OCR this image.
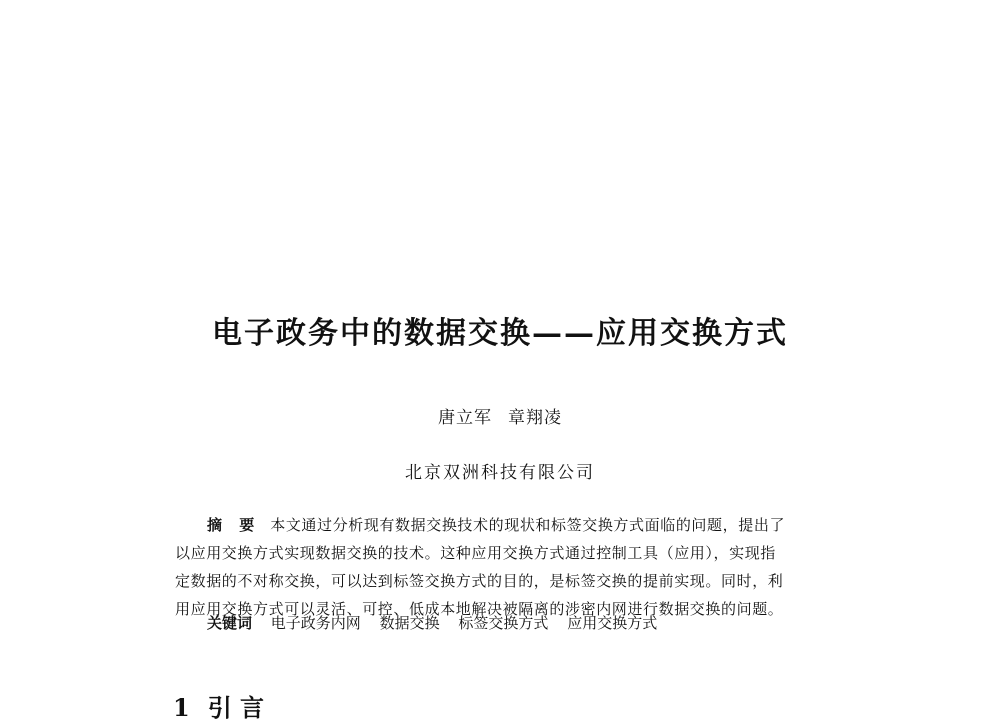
电子政务中的数据交换——应用交换方式
唐立军 章翔凌
北京双洲科技有限公司
摘 要 本文通过分析现有数据交换技术的现状和标签交换方式面临的问题，提出了
以应用交换方式实现数据交换的技术。这种应用交换方式通过控制工具（应用），实现指
定数据的不对称交换，可以达到标签交换方式的目的，是标签交换的提前实现。同时，利
用应用交换方式可以灵活、可控、低成本地解决被隔离的涉密内网进行数据交换的问题。
关键词 电子政务内网 数据交换 标签交换方式 应用交换方式
1 引 言
